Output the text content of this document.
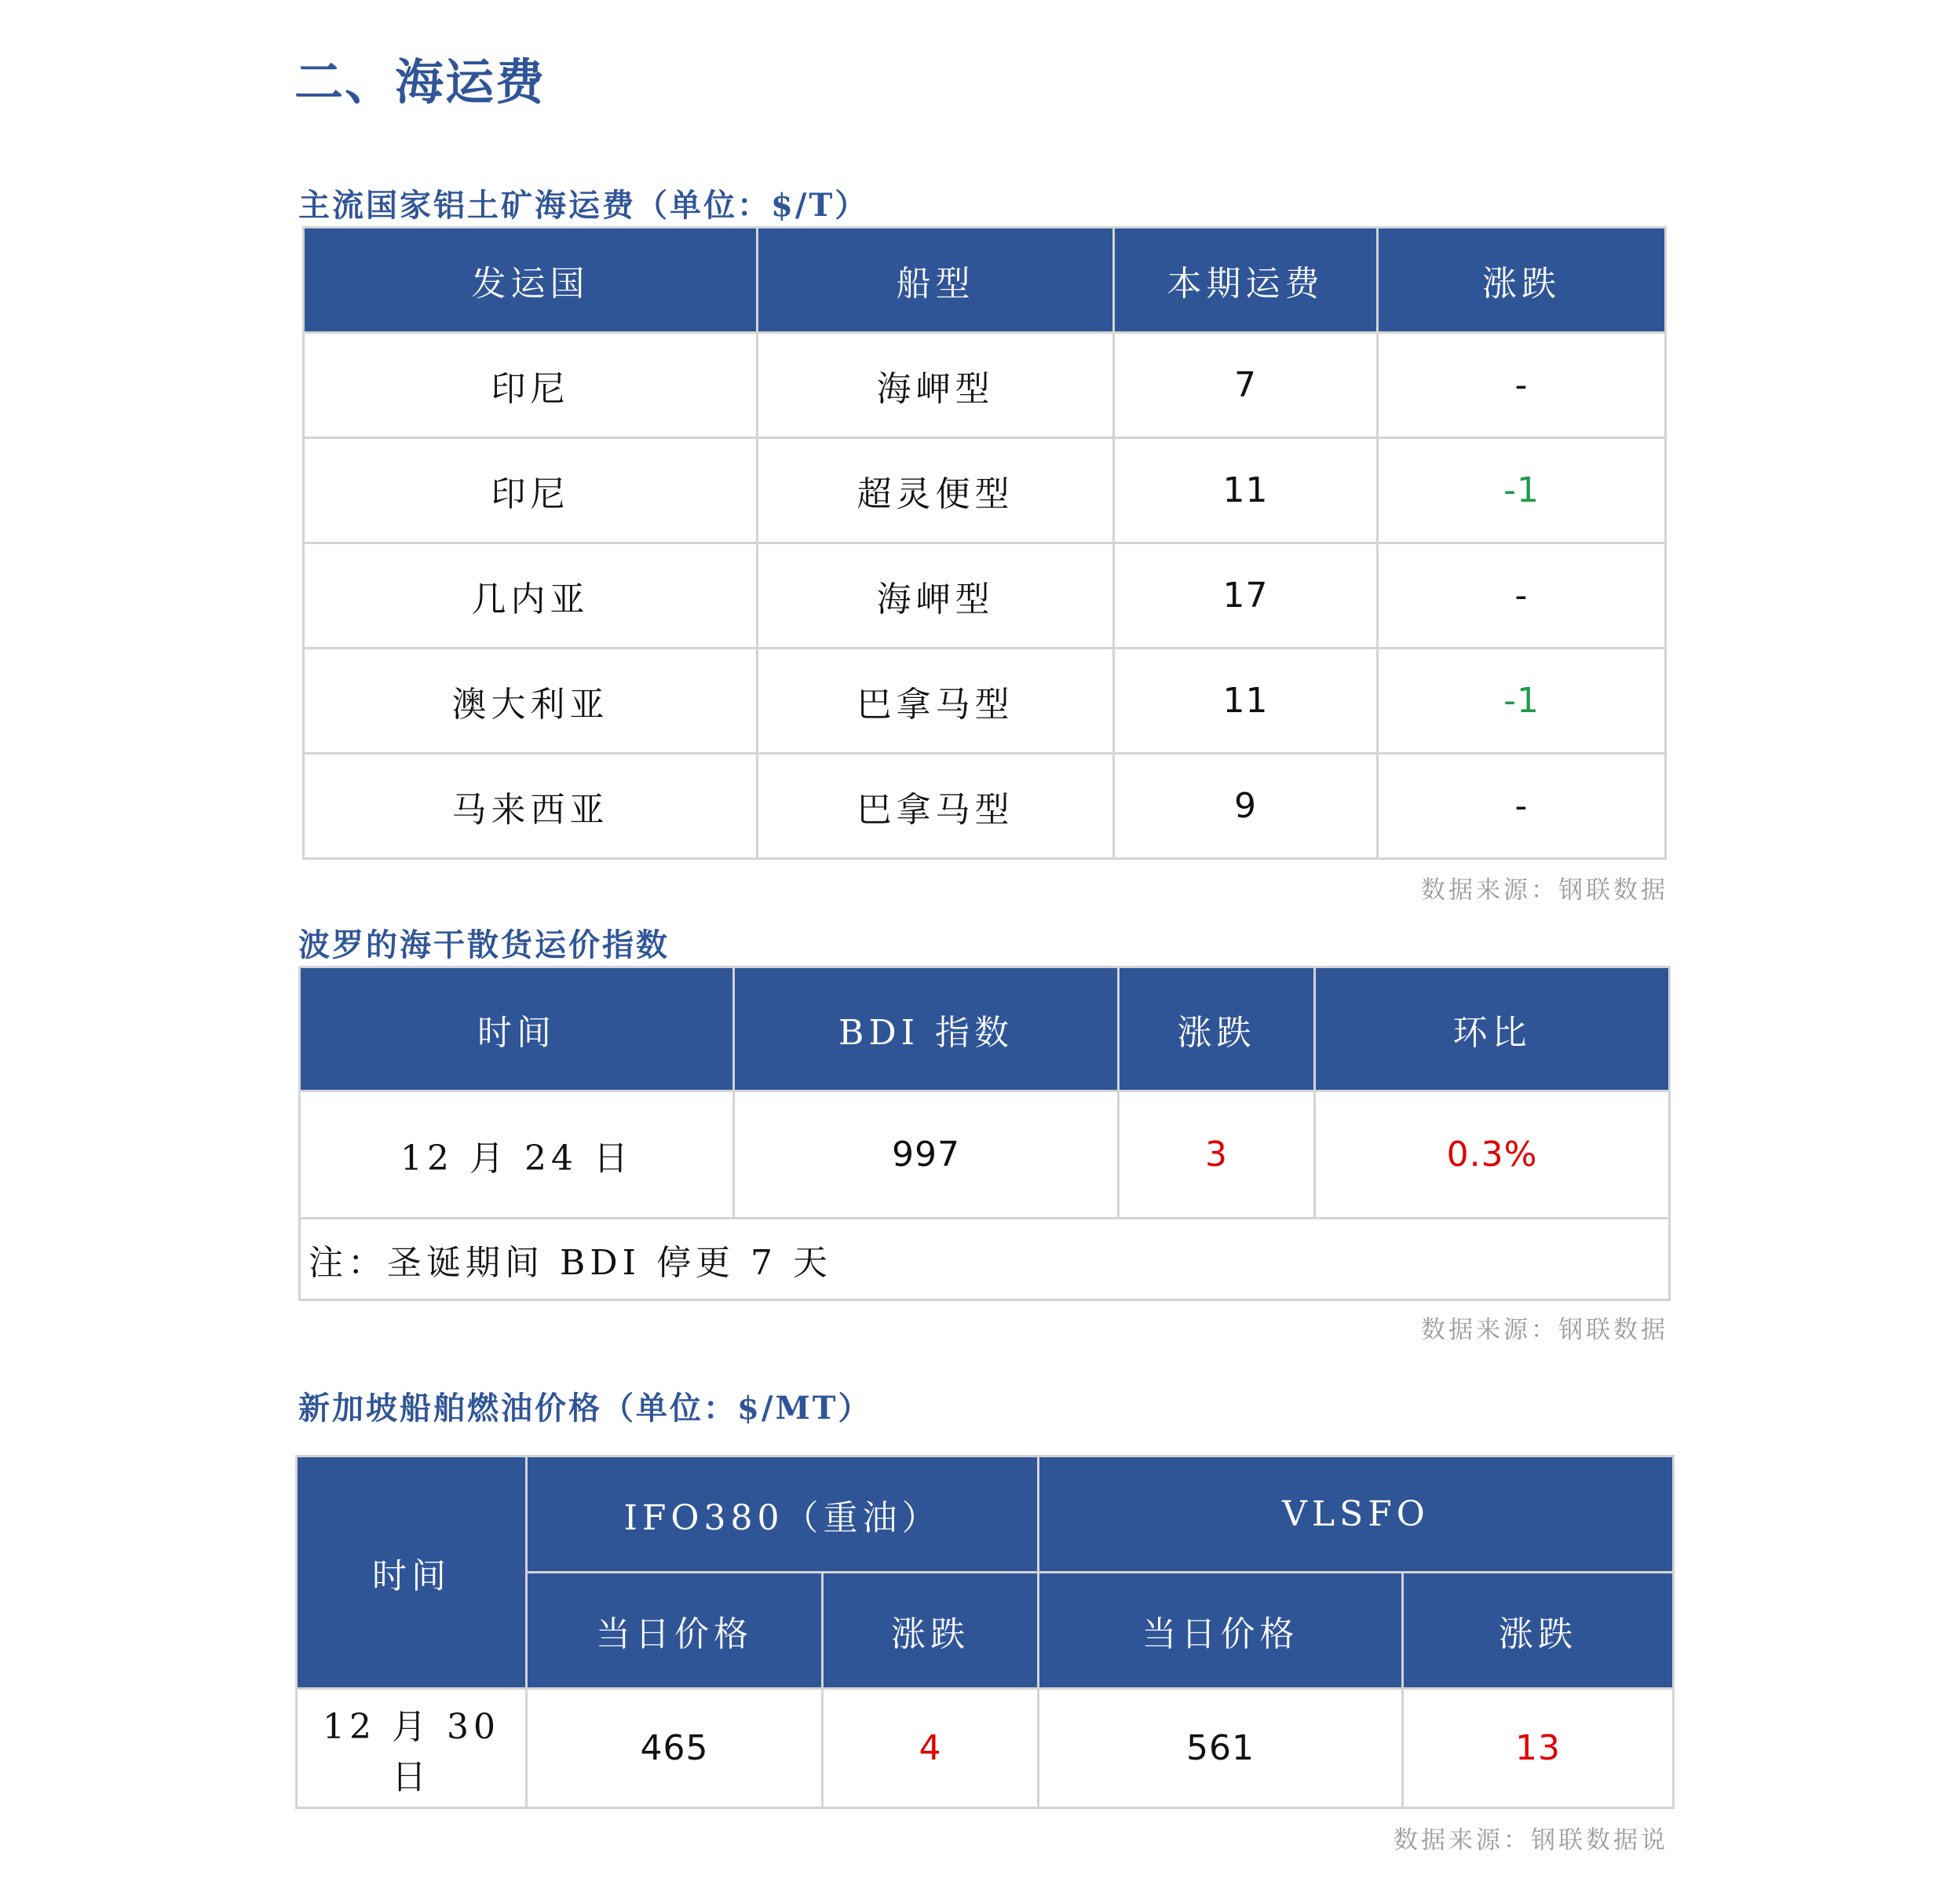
二、海运费
主流国家铝土矿海运费（单位：$/T）
发运国	船型	本期运费	涨跌
印尼	海岬型	7	-
印尼	超灵便型	11	-1
几内亚	海岬型	17	-
澳大利亚	巴拿马型	11	-1
马来西亚	巴拿马型	9	-
数据来源：钢联数据
波罗的海干散货运价指数
时间	BDI 指数	涨跌	环比
12 月 24 日	997	3	0.3%
注：圣诞期间 BDI 停更 7 天			
数据来源：钢联数据
新加坡船舶燃油价格（单位：$/MT）
时间	IFO380（重油）		VLSFO	
	当日价格	涨跌	当日价格	涨跌
12 月 30 日	465	4	561	13
数据来源：钢联数据说
